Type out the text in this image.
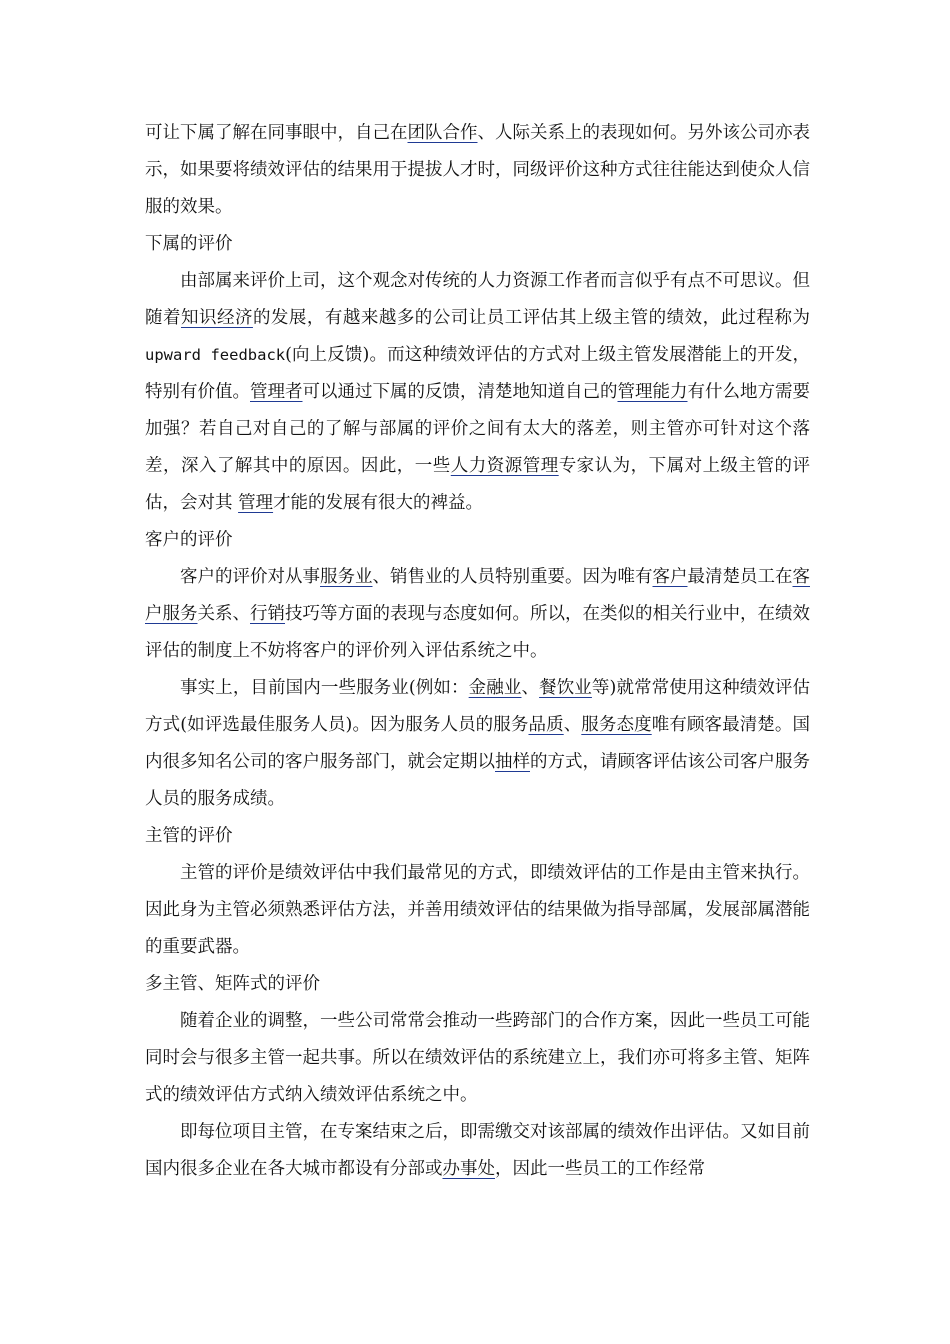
可让下属了解在同事眼中，自己在团队合作、人际关系上的表现如何。另外该公司亦表示，如果要将绩效评估的结果用于提拔人才时，同级评价这种方式往往能达到使众人信服的效果。

下属的评价

由部属来评价上司，这个观念对传统的人力资源工作者而言似乎有点不可思议。但随着知识经济的发展，有越来越多的公司让员工评估其上级主管的绩效，此过程称为upward feedback(向上反馈)。而这种绩效评估的方式对上级主管发展潜能上的开发，特别有价值。管理者可以通过下属的反馈，清楚地知道自己的管理能力有什么地方需要加强？若自己对自己的了解与部属的评价之间有太大的落差，则主管亦可针对这个落差，深入了解其中的原因。因此，一些人力资源管理专家认为，下属对上级主管的评估，会对其 管理才能的发展有很大的裨益。

客户的评价

客户的评价对从事服务业、销售业的人员特别重要。因为唯有客户最清楚员工在客户服务关系、行销技巧等方面的表现与态度如何。所以，在类似的相关行业中，在绩效评估的制度上不妨将客户的评价列入评估系统之中。

事实上，目前国内一些服务业(例如：金融业、餐饮业等)就常常使用这种绩效评估方式(如评选最佳服务人员)。因为服务人员的服务品质、服务态度唯有顾客最清楚。国内很多知名公司的客户服务部门，就会定期以抽样的方式，请顾客评估该公司客户服务人员的服务成绩。

主管的评价

主管的评价是绩效评估中我们最常见的方式，即绩效评估的工作是由主管来执行。因此身为主管必须熟悉评估方法，并善用绩效评估的结果做为指导部属，发展部属潜能的重要武器。

多主管、矩阵式的评价

随着企业的调整，一些公司常常会推动一些跨部门的合作方案，因此一些员工可能同时会与很多主管一起共事。所以在绩效评估的系统建立上，我们亦可将多主管、矩阵式的绩效评估方式纳入绩效评估系统之中。

即每位项目主管，在专案结束之后，即需缴交对该部属的绩效作出评估。又如目前国内很多企业在各大城市都设有分部或办事处，因此一些员工的工作经常
